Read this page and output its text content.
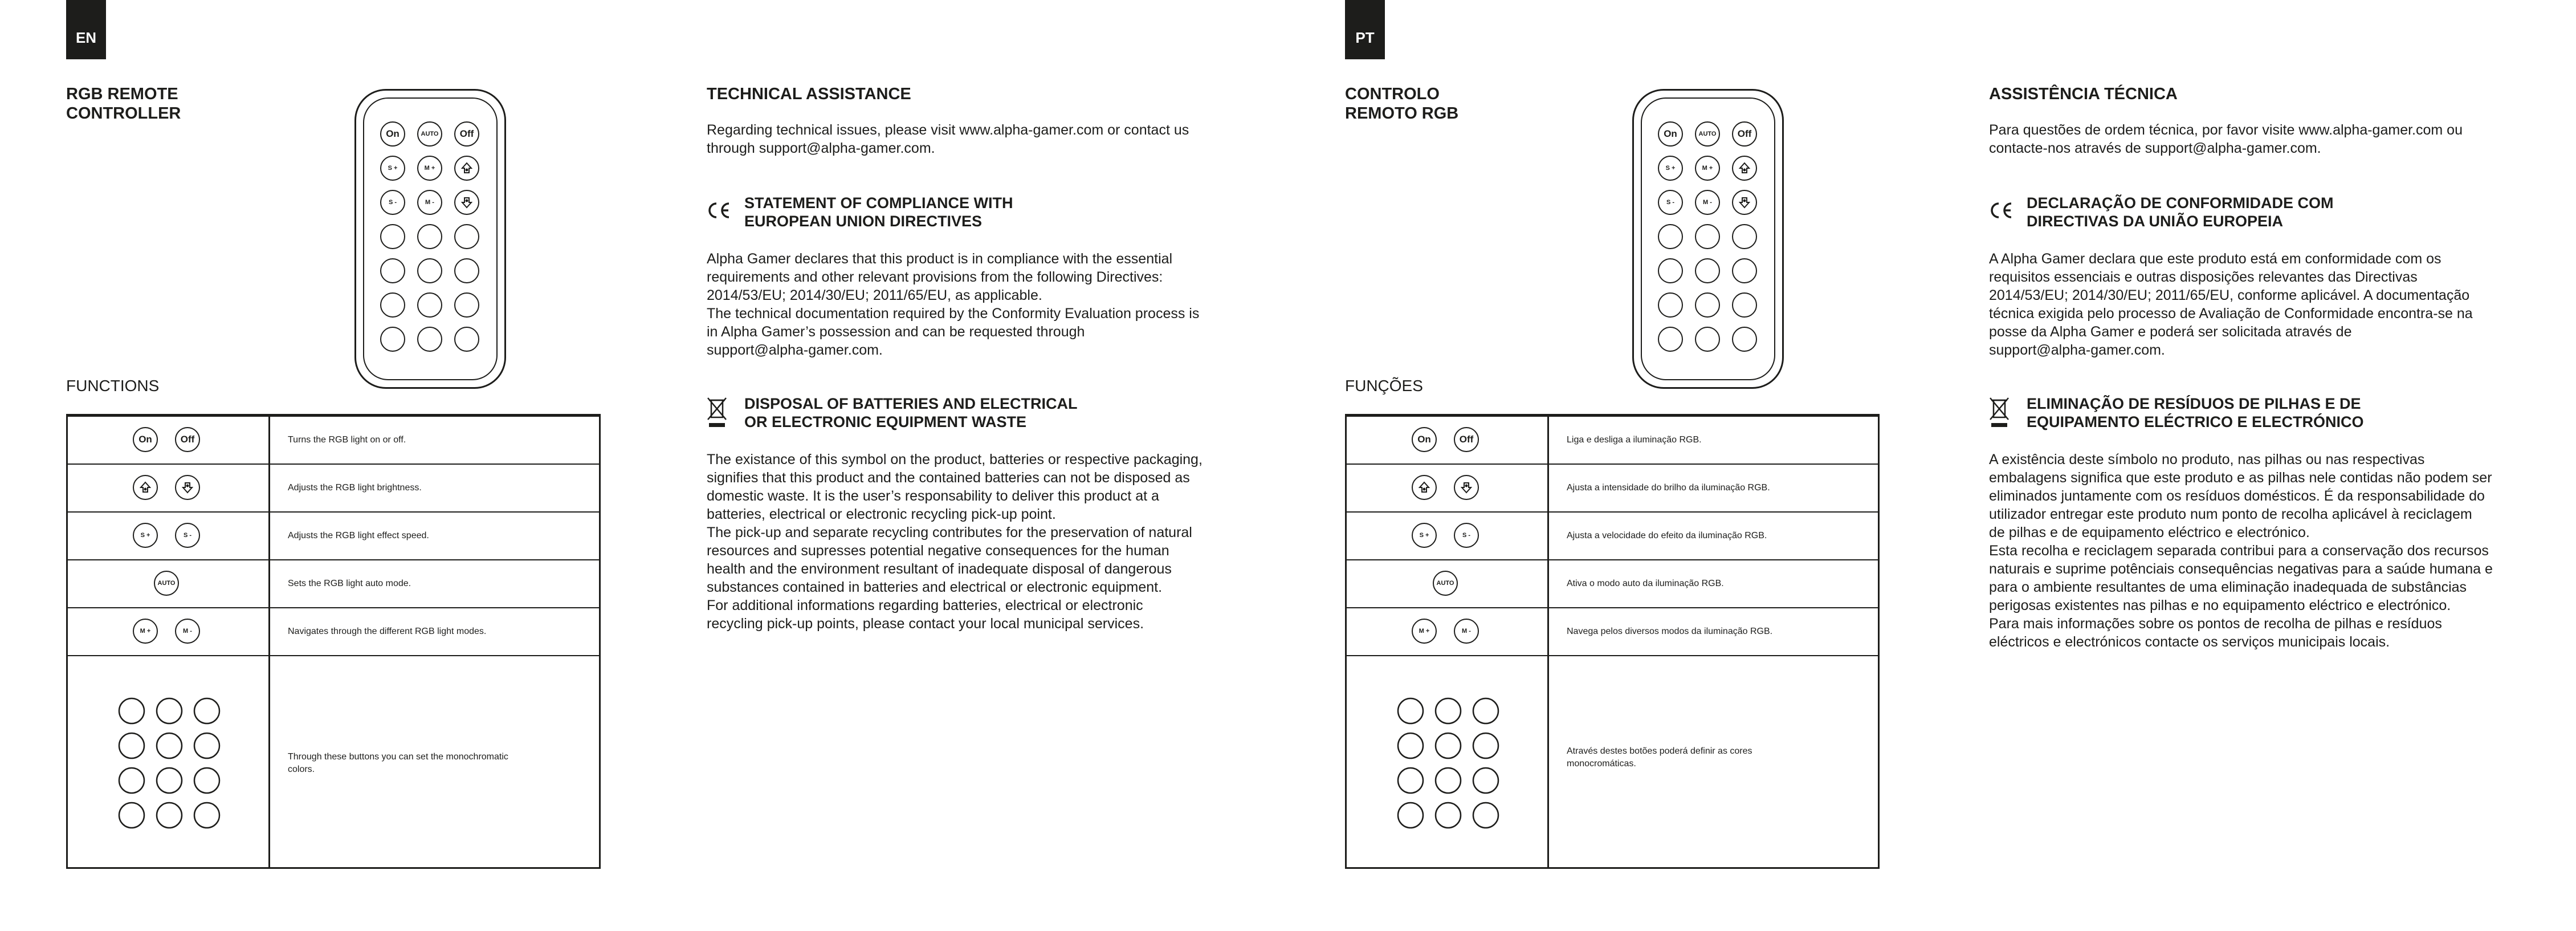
EN
RGB REMOTE
CONTROLLER
On	AUTO	Off
S +	M +
S -	M -
FUNCTIONS
On	Off	Turns the RGB light on or off.
Adjusts the RGB light brightness.
S +	S -	Adjusts the RGB light effect speed.
AUTO	Sets the RGB light auto mode.
M +	M -	Navigates through the different RGB light modes.
Through these buttons you can set the monochromatic
colors.
TECHNICAL ASSISTANCE
Regarding technical issues, please visit www.alpha-gamer.com or contact us
through support@alpha-gamer.com.
STATEMENT OF COMPLIANCE WITH
EUROPEAN UNION DIRECTIVES
Alpha Gamer declares that this product is in compliance with the essential
requirements and other relevant provisions from the following Directives:
2014/53/EU; 2014/30/EU; 2011/65/EU, as applicable.
The technical documentation required by the Conformity Evaluation process is
in Alpha Gamer’s possession and can be requested through
support@alpha-gamer.com.
DISPOSAL OF BATTERIES AND ELECTRICAL
OR ELECTRONIC EQUIPMENT WASTE
The existance of this symbol on the product, batteries or respective packaging,
signifies that this product and the contained batteries can not be disposed as
domestic waste. It is the user’s responsability to deliver this product at a
batteries, electrical or electronic recycling pick-up point.
The pick-up and separate recycling contributes for the preservation of natural
resources and supresses potential negative consequences for the human
health and the environment resultant of inadequate disposal of dangerous
substances contained in batteries and electrical or electronic equipment.
For additional informations regarding batteries, electrical or electronic
recycling pick-up points, please contact your local municipal services.
PT
CONTROLO
REMOTO RGB
On	AUTO	Off
S +	M +
S -	M -
FUNÇÕES
On	Off	Liga e desliga a iluminação RGB.
Ajusta a intensidade do brilho da iluminação RGB.
S +	S -	Ajusta a velocidade do efeito da iluminação RGB.
AUTO	Ativa o modo auto da iluminação RGB.
M +	M -	Navega pelos diversos modos da iluminação RGB.
Através destes botões poderá definir as cores
monocromáticas.
ASSISTÊNCIA TÉCNICA
Para questões de ordem técnica, por favor visite www.alpha-gamer.com ou
contacte-nos através de support@alpha-gamer.com.
DECLARAÇÃO DE CONFORMIDADE COM
DIRECTIVAS DA UNIÃO EUROPEIA
A Alpha Gamer declara que este produto está em conformidade com os
requisitos essenciais e outras disposições relevantes das Directivas
2014/53/EU; 2014/30/EU; 2011/65/EU, conforme aplicável. A documentação
técnica exigida pelo processo de Avaliação de Conformidade encontra-se na
posse da Alpha Gamer e poderá ser solicitada através de
support@alpha-gamer.com.
ELIMINAÇÃO DE RESÍDUOS DE PILHAS E DE
EQUIPAMENTO ELÉCTRICO E ELECTRÓNICO
A existência deste símbolo no produto, nas pilhas ou nas respectivas
embalagens significa que este produto e as pilhas nele contidas não podem ser
eliminados juntamente com os resíduos domésticos. É da responsabilidade do
utilizador entregar este produto num ponto de recolha aplicável à reciclagem
de pilhas e de equipamento eléctrico e electrónico.
Esta recolha e reciclagem separada contribui para a conservação dos recursos
naturais e suprime potênciais consequências negativas para a saúde humana e
para o ambiente resultantes de uma eliminação inadequada de substâncias
perigosas existentes nas pilhas e no equipamento eléctrico e electrónico.
Para mais informações sobre os pontos de recolha de pilhas e resíduos
eléctricos e electrónicos contacte os serviços municipais locais.
